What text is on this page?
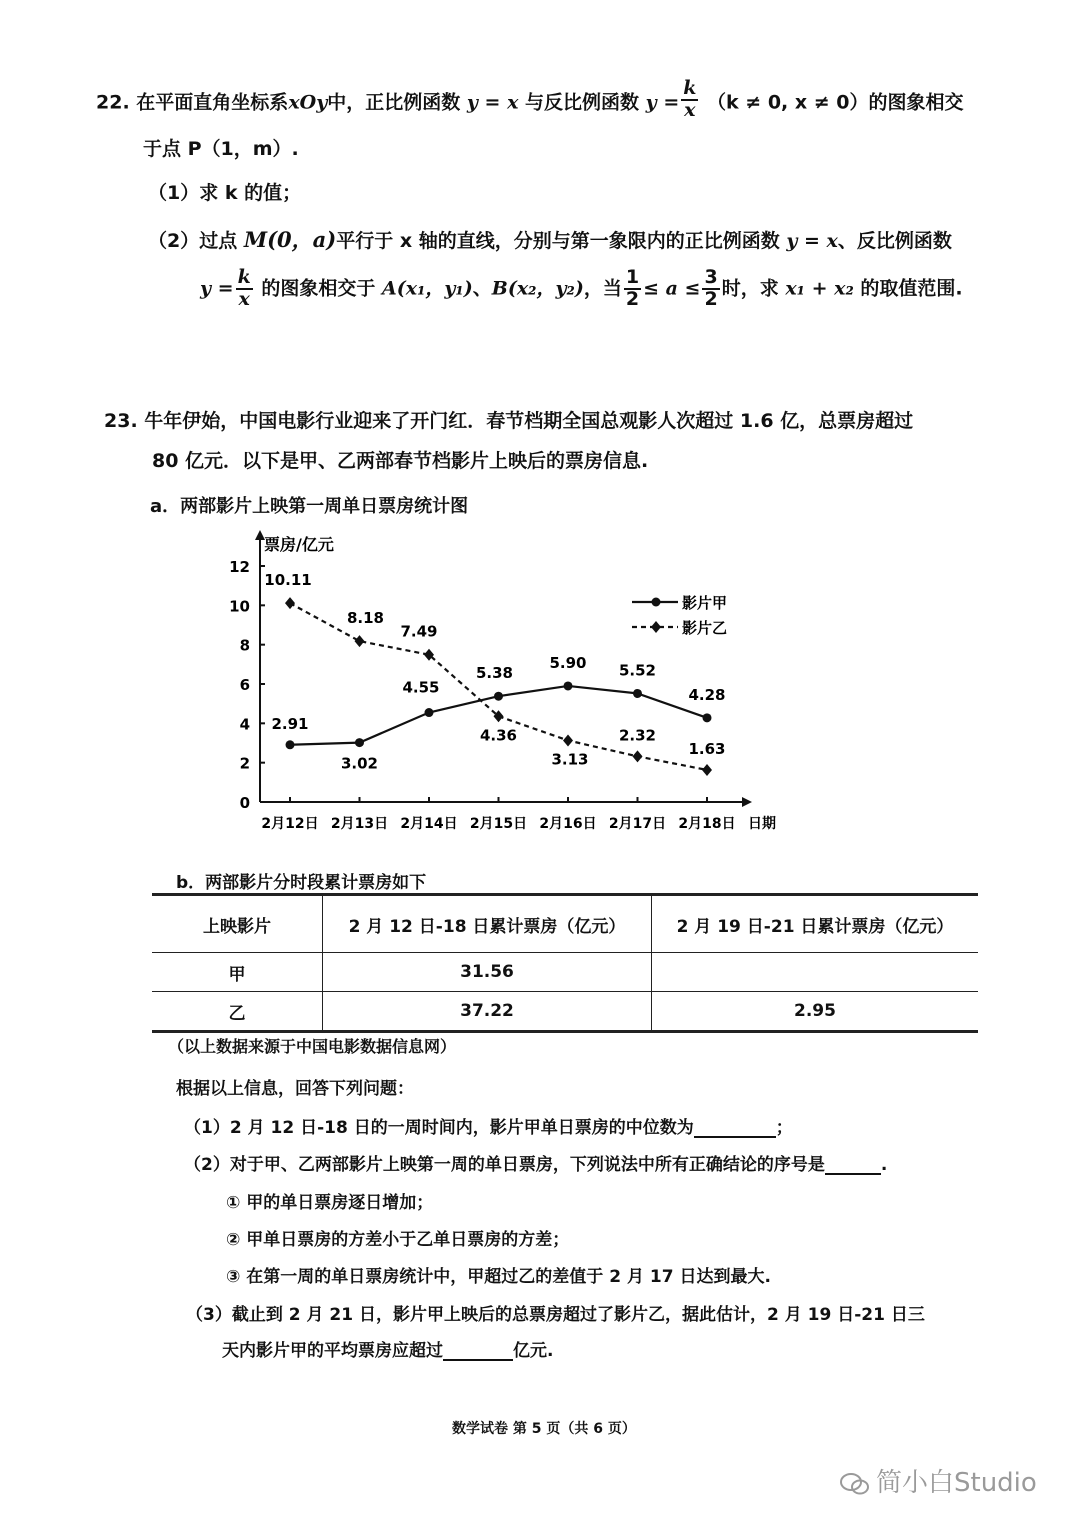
22. 在平面直角坐标系xOy中，正比例函数 y = x 与反比例函数 $y = \frac{k}{x} (k \ne 0$, x ≠ 0）的图象相交
于点 P（1，m）.
（1）求 k 的值；
（2）过点 M(0，a)平行于 x 轴的直线，分别与第一象限内的正比例函数 y = x、反比例函数
$y = \frac{k}{x}$ 的图象相交于 A(x₁，y₁)、B(x₂，y₂)，当 $\frac{1}{2} \le a \le \frac{3}{2}$ 时，求 x₁ + x₂ 的取值范围.
23. 牛年伊始，中国电影行业迎来了开门红．春节档期全国总观影人次超过 1.6 亿，总票房超过
80 亿元．以下是甲、乙两部春节档影片上映后的票房信息.
a．两部影片上映第一周单日票房统计图
票房/亿元
日期
0
2
4
6
8
10
12
2月12日 2月13日 2月14日 2月15日 2月16日 2月17日 2月18日
2.91
3.02
4.55
5.38
5.90 5.52
4.28
10.11
8.18
7.49
4.36
3.13
2.32
1.63
影片甲
影片乙
b．两部影片分时段累计票房如下
上映影片	2 月 12 日-18 日累计票房（亿元）	2 月 19 日-21 日累计票房（亿元）
甲	31.56	
乙	37.22	2.95
（以上数据来源于中国电影数据信息网）
根据以上信息，回答下列问题：
（1）2 月 12 日-18 日的一周时间内，影片甲单日票房的中位数为	；
（2）对于甲、乙两部影片上映第一周的单日票房，下列说法中所有正确结论的序号是	.
① 甲的单日票房逐日增加；
② 甲单日票房的方差小于乙单日票房的方差；
③ 在第一周的单日票房统计中，甲超过乙的差值于 2 月 17 日达到最大.
（3）截止到 2 月 21 日，影片甲上映后的总票房超过了影片乙，据此估计，2 月 19 日-21 日三
天内影片甲的平均票房应超过	亿元.
数学试卷 第 5 页（共 6 页）
简小白Studio
